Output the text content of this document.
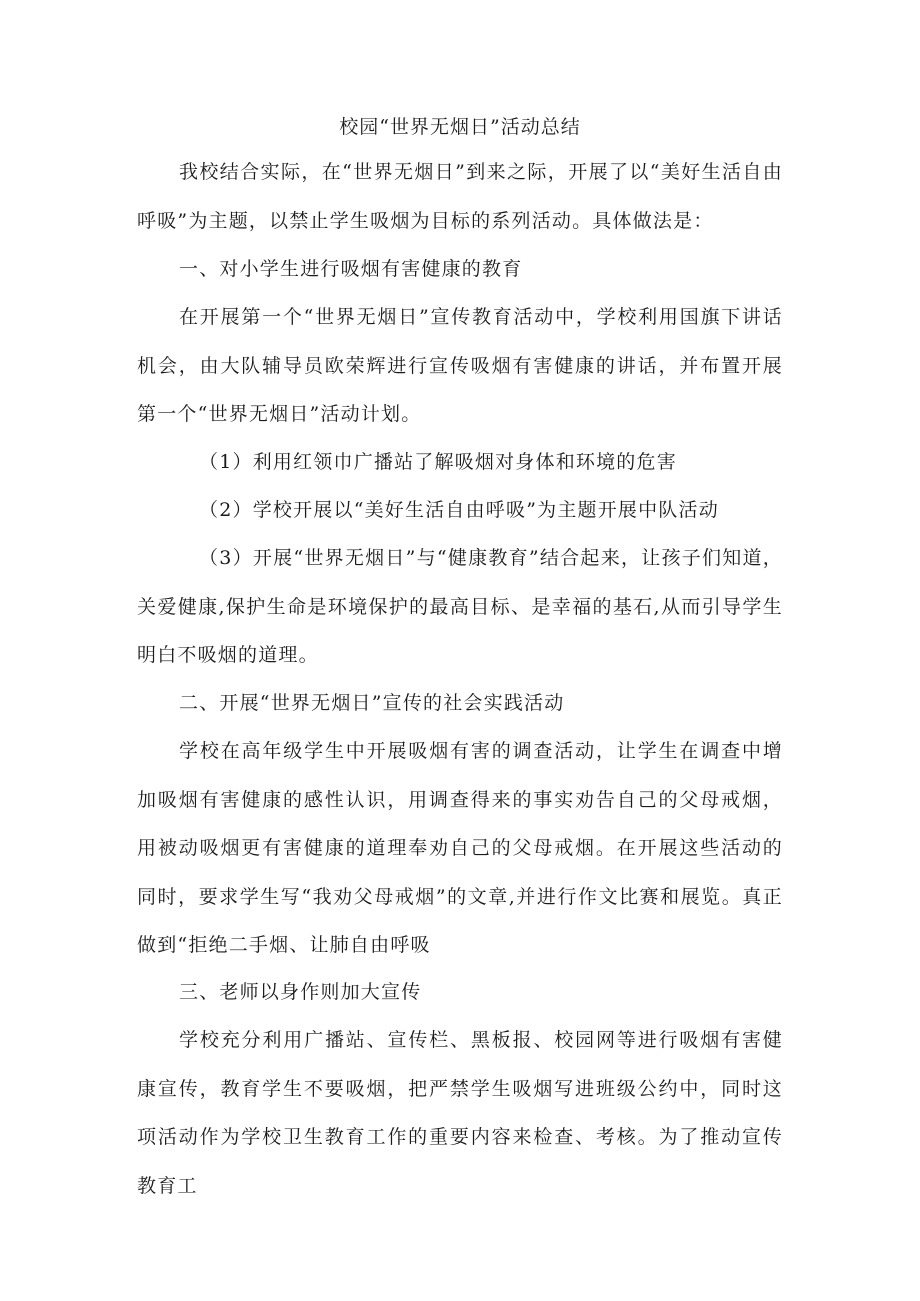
校园“世界无烟日”活动总结

我校结合实际，在“世界无烟日”到来之际，开展了以“美好生活自由呼吸”为主题，以禁止学生吸烟为目标的系列活动。具体做法是：

一、对小学生进行吸烟有害健康的教育

在开展第一个“世界无烟日”宣传教育活动中，学校利用国旗下讲话机会，由大队辅导员欧荣辉进行宣传吸烟有害健康的讲话，并布置开展第一个“世界无烟日”活动计划。

（1）利用红领巾广播站了解吸烟对身体和环境的危害

（2）学校开展以“美好生活自由呼吸”为主题开展中队活动

（3）开展“世界无烟日”与“健康教育”结合起来，让孩子们知道，关爱健康,保护生命是环境保护的最高目标、是幸福的基石,从而引导学生明白不吸烟的道理。

二、开展“世界无烟日”宣传的社会实践活动

学校在高年级学生中开展吸烟有害的调查活动，让学生在调查中增加吸烟有害健康的感性认识，用调查得来的事实劝告自己的父母戒烟，用被动吸烟更有害健康的道理奉劝自己的父母戒烟。在开展这些活动的同时，要求学生写“我劝父母戒烟”的文章,并进行作文比赛和展览。真正做到“拒绝二手烟、让肺自由呼吸

三、老师以身作则加大宣传

学校充分利用广播站、宣传栏、黑板报、校园网等进行吸烟有害健康宣传，教育学生不要吸烟，把严禁学生吸烟写进班级公约中，同时这项活动作为学校卫生教育工作的重要内容来检查、考核。为了推动宣传教育工
